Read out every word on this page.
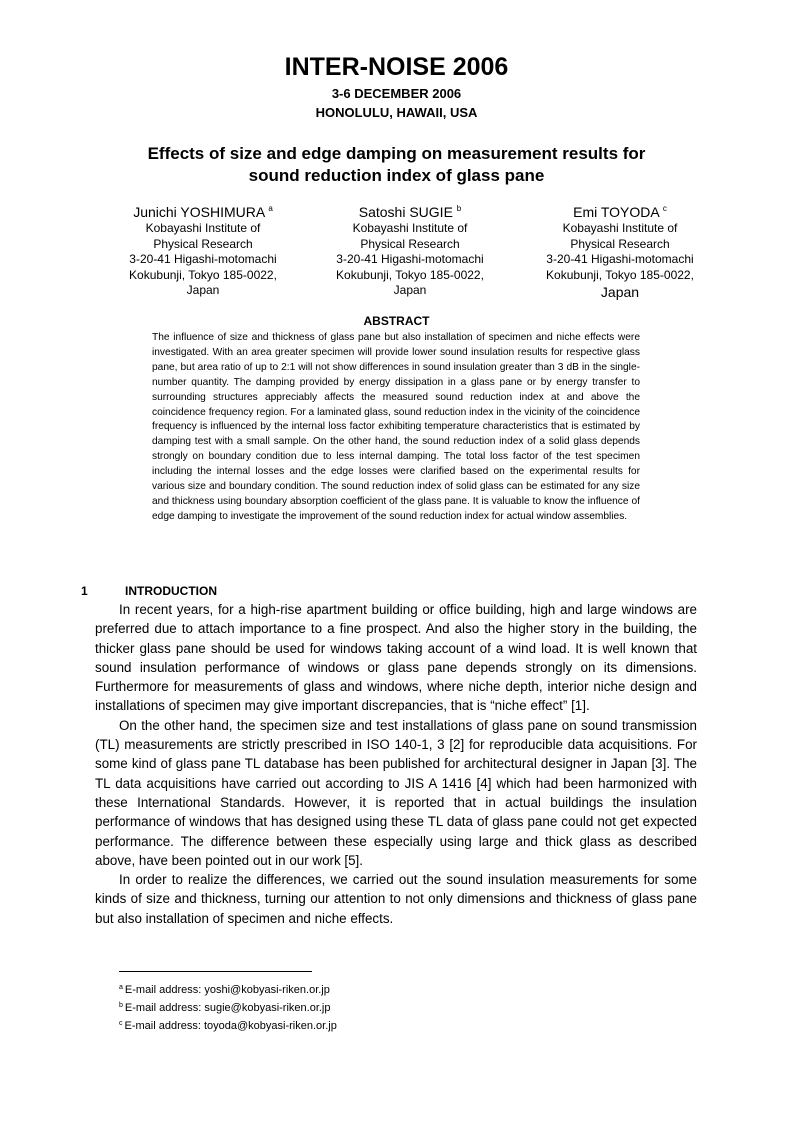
INTER-NOISE 2006
3-6 DECEMBER 2006
HONOLULU, HAWAII, USA
Effects of size and edge damping on measurement results for
sound reduction index of glass pane
Junichi YOSHIMURA $^a$
Kobayashi Institute of
Physical Research
3-20-41 Higashi-motomachi
Kokubunji, Tokyo 185-0022,
Japan
Satoshi SUGIE $^b$
Kobayashi Institute of
Physical Research
3-20-41 Higashi-motomachi
Kokubunji, Tokyo 185-0022,
Japan
Emi TOYODA $^c$
Kobayashi Institute of
Physical Research
3-20-41 Higashi-motomachi
Kokubunji, Tokyo 185-0022,
Japan
ABSTRACT

The influence of size and thickness of glass pane but also installation of specimen and niche effects were investigated. With an area greater specimen will provide lower sound insulation results for respective glass pane, but area ratio of up to 2:1 will not show differences in sound insulation greater than 3 dB in the single-number quantity. The damping provided by energy dissipation in a glass pane or by energy transfer to surrounding structures appreciably affects the measured sound reduction index at and above the coincidence frequency region. For a laminated glass, sound reduction index in the vicinity of the coincidence frequency is influenced by the internal loss factor exhibiting temperature characteristics that is estimated by damping test with a small sample. On the other hand, the sound reduction index of a solid glass depends strongly on boundary condition due to less internal damping. The total loss factor of the test specimen including the internal losses and the edge losses were clarified based on the experimental results for various size and boundary condition. The sound reduction index of solid glass can be estimated for any size and thickness using boundary absorption coefficient of the glass pane. It is valuable to know the influence of edge damping to investigate the improvement of the sound reduction index for actual window assemblies.

1	INTRODUCTION

In recent years, for a high-rise apartment building or office building, high and large windows are preferred due to attach importance to a fine prospect. And also the higher story in the building, the thicker glass pane should be used for windows taking account of a wind load. It is well known that sound insulation performance of windows or glass pane depends strongly on its dimensions. Furthermore for measurements of glass and windows, where niche depth, interior niche design and installations of specimen may give important discrepancies, that is “niche effect” [1].

On the other hand, the specimen size and test installations of glass pane on sound transmission (TL) measurements are strictly prescribed in ISO 140-1, 3 [2] for reproducible data acquisitions. For some kind of glass pane TL database has been published for architectural designer in Japan [3]. The TL data acquisitions have carried out according to JIS A 1416 [4] which had been harmonized with these International Standards. However, it is reported that in actual buildings the insulation performance of windows that has designed using these TL data of glass pane could not get expected performance. The difference between these especially using large and thick glass as described above, have been pointed out in our work [5].

In order to realize the differences, we carried out the sound insulation measurements for some kinds of size and thickness, turning our attention to not only dimensions and thickness of glass pane but also installation of specimen and niche effects.

$^a$ E-mail address: yoshi@kobyasi-riken.or.jp
$^b$ E-mail address: sugie@kobyasi-riken.or.jp
$^c$ E-mail address: toyoda@kobyasi-riken.or.jp
